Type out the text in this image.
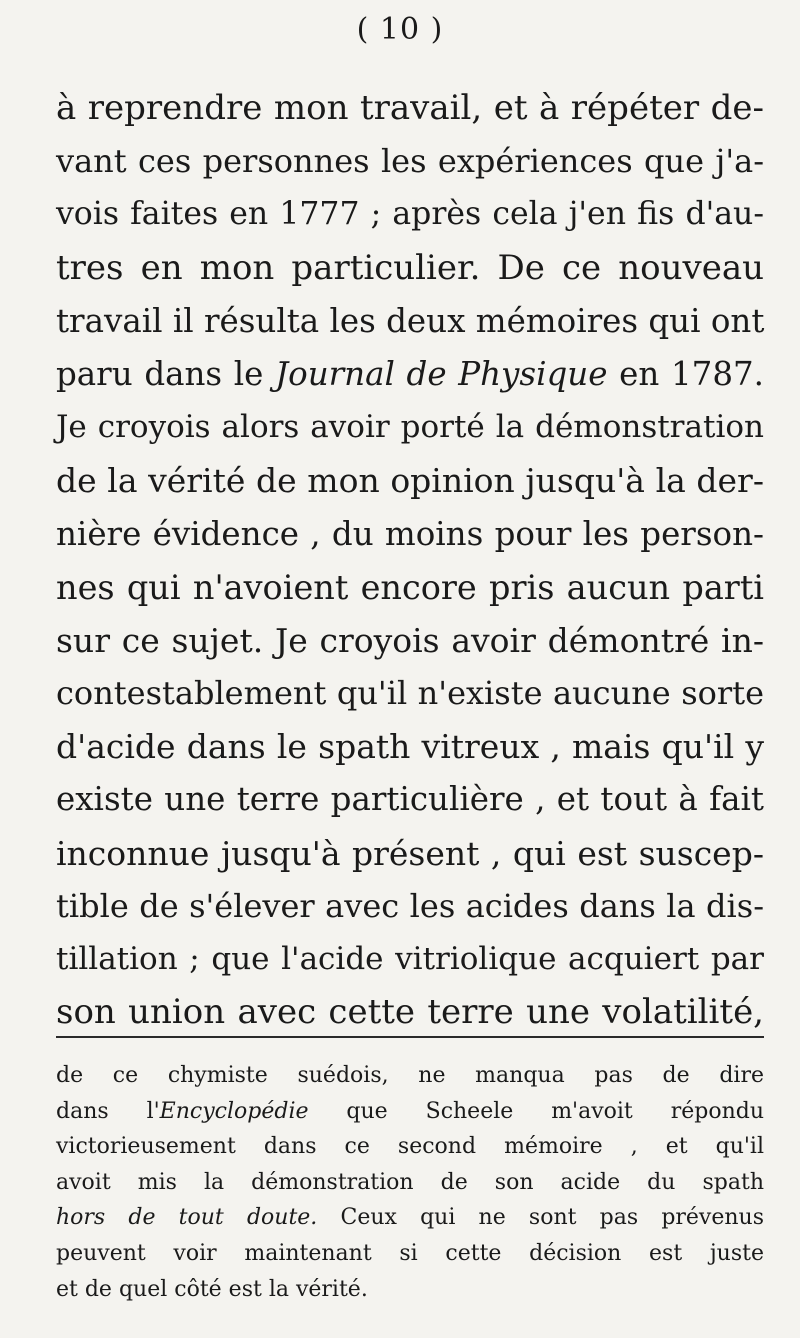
( 10 )
à reprendre mon travail, et à répéter de-
vant ces personnes les expériences que j'a-
vois faites en 1777 ; après cela j'en fis d'au-
tres en mon particulier. De ce nouveau
travail il résulta les deux mémoires qui ont
paru dans le Journal de Physique en 1787.
Je croyois alors avoir porté la démonstration
de la vérité de mon opinion jusqu'à la der-
nière évidence , du moins pour les person-
nes qui n'avoient encore pris aucun parti
sur ce sujet. Je croyois avoir démontré in-
contestablement qu'il n'existe aucune sorte
d'acide dans le spath vitreux , mais qu'il y
existe une terre particulière , et tout à fait
inconnue jusqu'à présent , qui est suscep-
tible de s'élever avec les acides dans la dis-
tillation ; que l'acide vitriolique acquiert par
son union avec cette terre une volatilité,
de ce chymiste suédois, ne manqua pas de dire
dans l'Encyclopédie que Scheele m'avoit répondu
victorieusement dans ce second mémoire , et qu'il
avoit mis la démonstration de son acide du spath
hors de tout doute. Ceux qui ne sont pas prévenus
peuvent voir maintenant si cette décision est juste
et de quel côté est la vérité.
